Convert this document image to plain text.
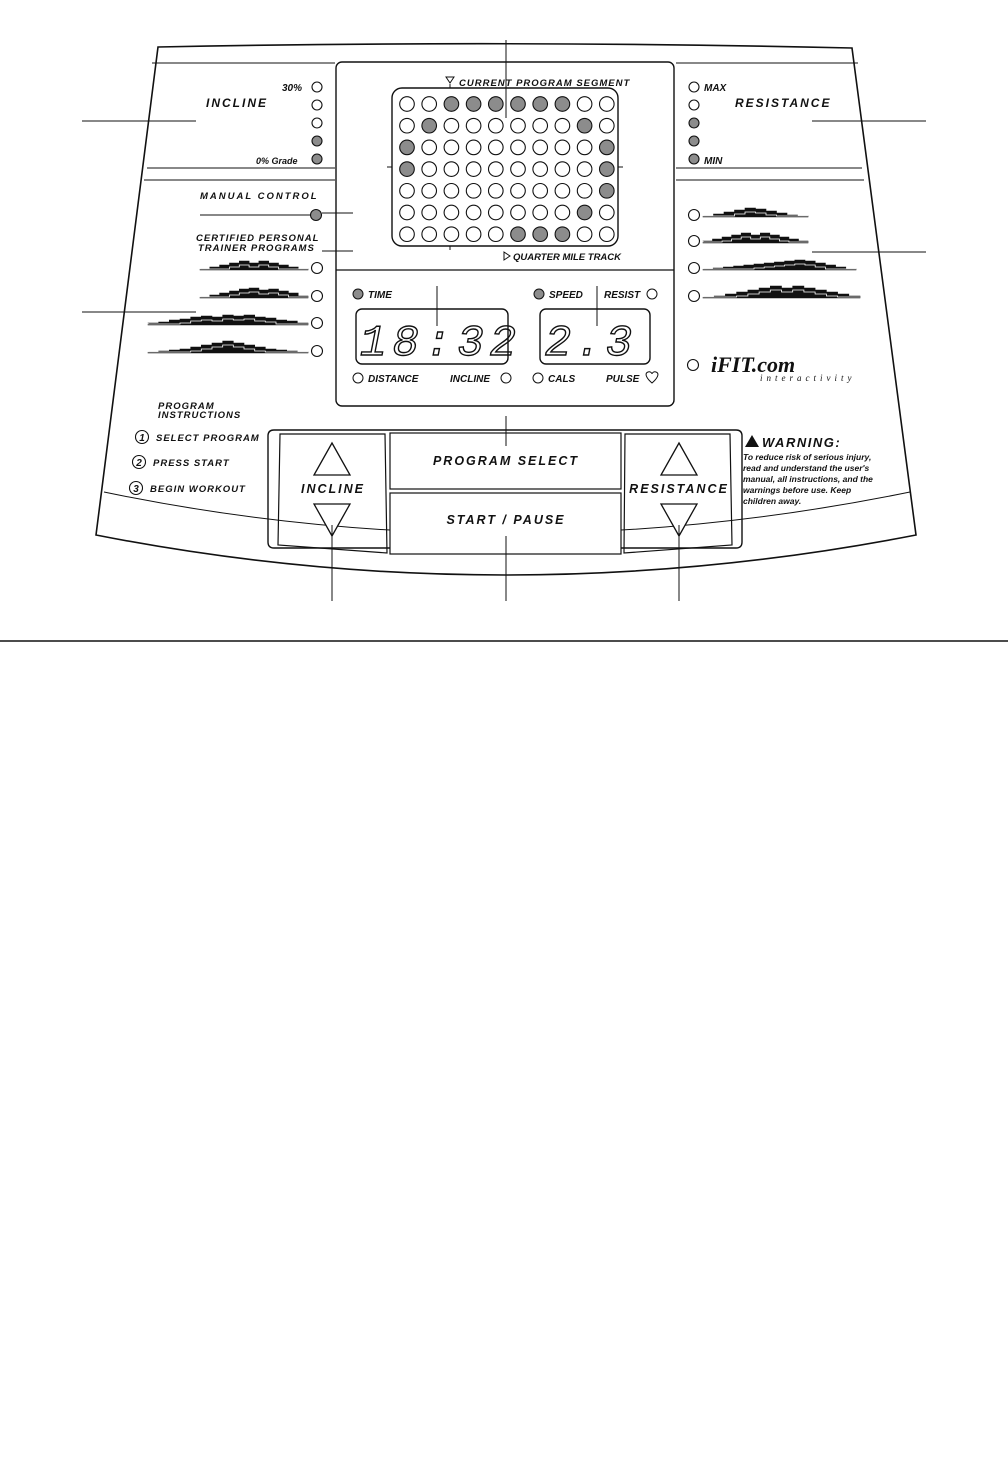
CURRENT PROGRAM SEGMENT
QUARTER MILE TRACK
INCLINE
30%
0% Grade
MAX
RESISTANCE
MIN
MANUAL CONTROL
CERTIFIED PERSONAL
TRAINER PROGRAMS
TIME
18:32
DISTANCE	INCLINE
SPEED RESIST
2.3
CALS	PULSE
PROGRAM
INSTRUCTIONS
1 SELECT PROGRAM
2 PRESS START
3 BEGIN WORKOUT
iFIT.com
interactivity
WARNING:
To reduce risk of serious injury,
read and understand the user's
manual, all instructions, and the
warnings before use. Keep
children away.
INCLINE
PROGRAM SELECT
START / PAUSE
RESISTANCE
